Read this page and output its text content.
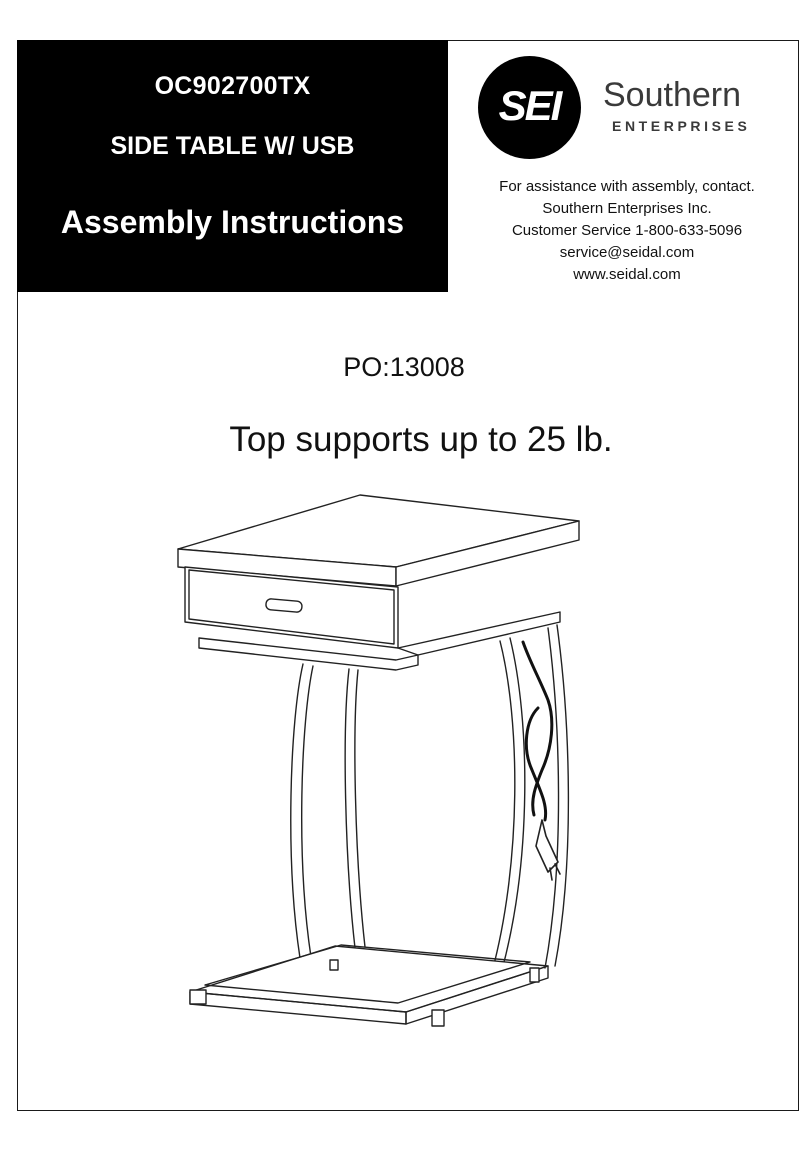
OC902700TX
SIDE TABLE W/ USB
Assembly Instructions
SEI	Southern
ENTERPRISES
For assistance with assembly, contact.
Southern Enterprises Inc.
Customer Service 1-800-633-5096
service@seidal.com
www.seidal.com
PO:13008
Top supports up to 25 lb.
